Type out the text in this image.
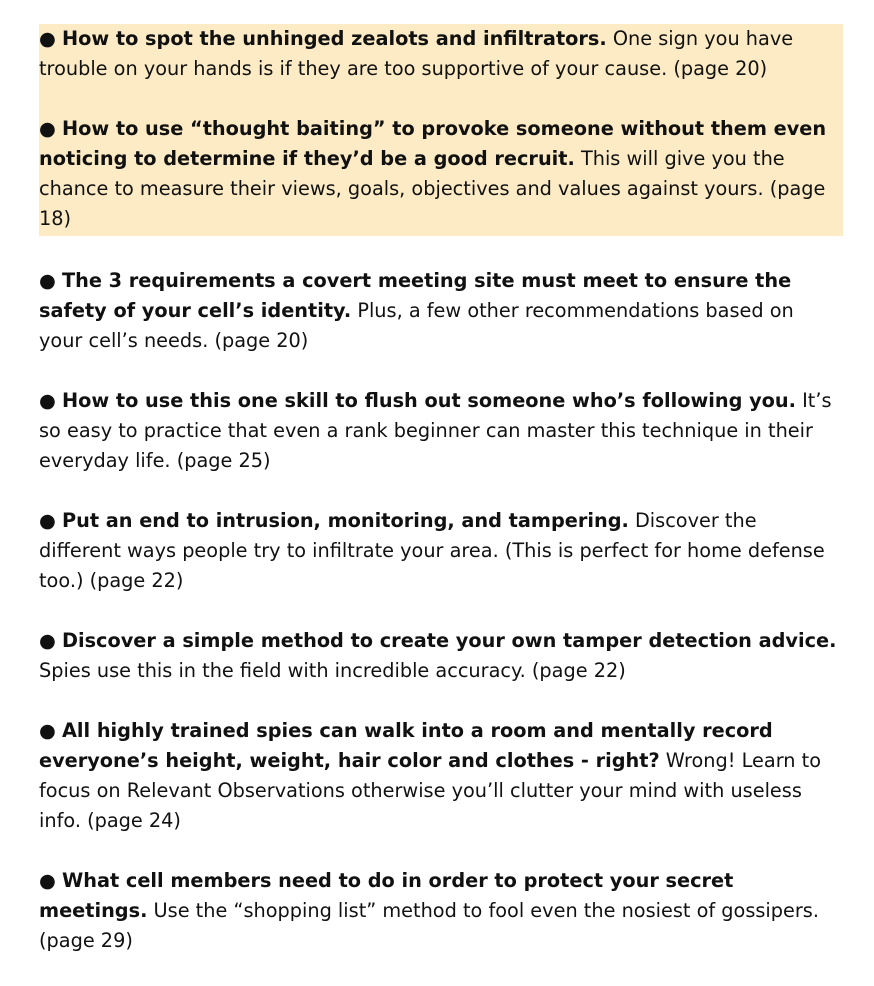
● How to spot the unhinged zealots and infiltrators. One sign you have trouble on your hands is if they are too supportive of your cause. (page 20)

● How to use “thought baiting” to provoke someone without them even noticing to determine if they’d be a good recruit. This will give you the chance to measure their views, goals, objectives and values against yours. (page 18)

● The 3 requirements a covert meeting site must meet to ensure the safety of your cell’s identity. Plus, a few other recommendations based on your cell’s needs. (page 20)

● How to use this one skill to flush out someone who’s following you. It’s so easy to practice that even a rank beginner can master this technique in their everyday life. (page 25)

● Put an end to intrusion, monitoring, and tampering. Discover the different ways people try to infiltrate your area. (This is perfect for home defense too.) (page 22)

● Discover a simple method to create your own tamper detection advice. Spies use this in the field with incredible accuracy. (page 22)

● All highly trained spies can walk into a room and mentally record everyone’s height, weight, hair color and clothes - right? Wrong! Learn to focus on Relevant Observations otherwise you’ll clutter your mind with useless info. (page 24)

● What cell members need to do in order to protect your secret meetings. Use the “shopping list” method to fool even the nosiest of gossipers. (page 29)
